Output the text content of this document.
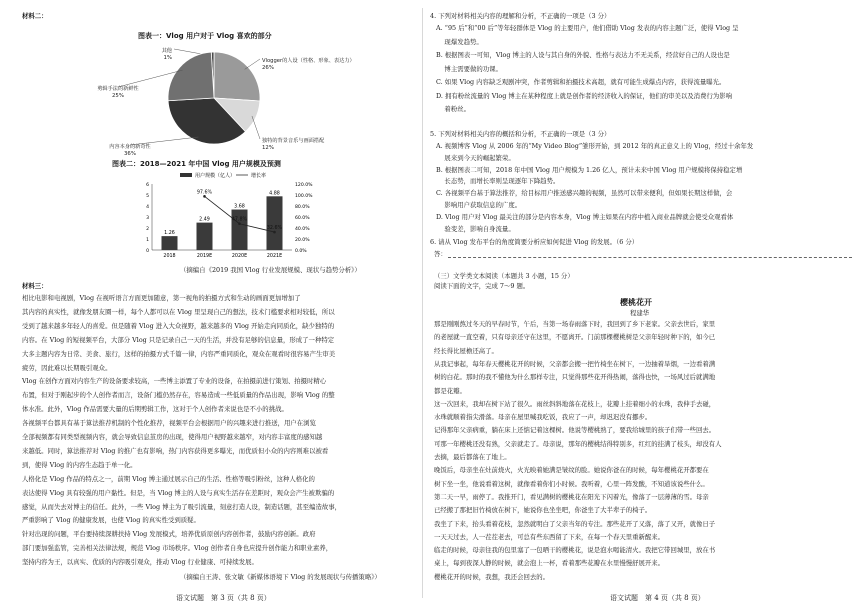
材料二：
图表一：Vlog 用户对于 Vlog 喜欢的部分
其他
1%	Vlogger的人设（性格、形象、表达力）
26%
独特的背景音乐与画面搭配
12%
内容本身的新奇性
36%
剪辑手法的新鲜性
25%
图表二：2018—2021 年中国 Vlog 用户规模及预测
用户规模（亿人）	增长率
6
5
4
3
2
1
0
120.0%
100.0%
80.0%
60.0%
40.0%
20.0%
0.0%
1.26
2018
2.49
2019E
3.68
2020E
4.88
2021E
97.6%
47.8%
32.6%
（摘编自《2019 我国 Vlog 行业发展规模、现状与趋势分析》）
材料三：
相比电影和电视剧，Vlog 在视听语言方面更加随意，第一视角的拍摄方式和生动的画面更加增加了
其内容的真实性，就像发朋友圈一样，每个人都可以在 Vlog 里呈现自己的想法，技术门槛要求相对较低，所以
受到了越来越多年轻人的喜爱。但是随着 Vlog 进入大众视野，越来越多的 Vlog 开始走向同质化，缺少独特的
内容。在 Vlog 的短视频平台，大部分 Vlog 只是记录自己一天的生活，并没有足够的信息量，形成了一种特定
大多主题内容为日常、美食、旅行，这样的拍摄方式千篇一律，内容严重同质化，观众在观看时很容易产生审美
疲劳，因此难以长期吸引观众。
Vlog 在创作方面对内容生产的设备要求较高，一些博主添置了专业的设备，在拍摄前进行策划、拍摄时精心
布置，但对于刚起步的个人创作者而言，设备门槛仍然存在，容易造成一些低质量的作品出现，影响 Vlog 的整
体水准。此外，Vlog 作品需要大量的后期剪辑工作，这对于个人创作者来说也是不小的挑战。
各视频平台都具有基于算法推荐机制的个性化推荐，视频平台会根据用户的兴趣来进行推送，用户在浏览
全部视频都有同类型视频内容，就会导致信息茧房的出现，使得用户视野越来越窄，对内容丰富度的感知越
来越低。同时，算法推荐对 Vlog 的推广也有影响，热门内容获得更多曝光，而优质但小众的内容则难以被看
到，使得 Vlog 的内容生态趋于单一化。
人格化是 Vlog 作品的特点之一，前期 Vlog 博主通过展示自己的生活、性格等吸引粉丝，这种人格化的
表达使得 Vlog 具有较强的用户黏性。但是，当 Vlog 博主的人设与真实生活存在差距时，观众会产生被欺骗的
感觉，从而失去对博主的信任。此外，一些 Vlog 博主为了吸引流量，刻意打造人设，制造话题，甚至编造故事，
严重影响了 Vlog 的健康发展，也使 Vlog 的真实性受到质疑。
针对出现的问题，平台要持续深耕扶持 Vlog 发展模式，培养优质原创内容创作者，鼓励内容创新。政府
部门要加强监管，完善相关法律法规，规范 Vlog 市场秩序。Vlog 创作者自身也应提升创作能力和职业素养，
坚持内容为王，以真实、优质的内容吸引观众，推动 Vlog 行业健康、可持续发展。
（摘编自王涛、张文敏《新媒体语境下 Vlog 的发展现状与传播策略》）
语文试题　第 3 页（共 8 页）
4. 下列对材料相关内容的理解和分析，不正确的一项是（3 分）
A. “95 后”和“00 后”等年轻群体是 Vlog 的主要用户，他们借助 Vlog 发表的内容主题广泛，使得 Vlog 呈
　 现爆发趋势。
B. 根据图表一可知，Vlog 博主的人设与其自身的外貌、性格与表达力不无关系，经营好自己的人设也是
　 博主需要做的功课。
C. 如果 Vlog 内容缺乏观剧冲突，作者剪辑和拍摄技术高超，就有可能生成爆点内容，获得流量曝光。
D. 拥有粉丝流量的 Vlog 博主在某种程度上就是创作者的经济收入的保证，他们的审美以及消费行为影响
　 着粉丝。
5. 下列对材料相关内容的概括和分析，不正确的一项是（3 分）
A. 视频博客 Vlog 从 2006 年的“My Video Blog”雏形开始，到 2012 年的真正意义上的 Vlog，经过十余年发
　 展来到今天的崛起繁荣。
B. 根据图表二可知，2018 年中国 Vlog 用户规模为 1.26 亿人，预计未来中国 Vlog 用户规模将保持稳定增
　 长态势，而增长率则呈现逐年下降趋势。
C. 各视频平台基于算法推荐，给目标用户推送感兴趣的视频，虽然可以带来便利，但如果长期这样做，会
　 影响用户获取信息的广度。
D. Vlog 用户对 Vlog 最关注的部分是内容本身，Vlog 博主如果在内容中植入商业品牌就会使受众观看体
　 验变差，影响自身流量。
6. 请从 Vlog 发布平台的角度简要分析应如何促进 Vlog 的发展。（6 分）
答：
（三）文学类文本阅读（本题共 3 小题，15 分）
阅读下面的文字，完成 7～9 题。
樱桃花开
程建华
那是刚刚熬过冬天的早春时节，午后，当第一场春雨落下时，我回到了乡下老家。父亲去世后，家里
的老屋就一直空着，只有母亲还守在这里，不愿离开。门前那棵樱桃树是父亲年轻时种下的，如今已
经长得比屋檐还高了。
从我记事起，每年春天樱桃花开的时候，父亲都会搬一把竹椅坐在树下，一边抽着旱烟，一边看着满
树的白花。那时的我不懂他为什么那样专注，只觉得那些花开得热闹，落得也快，一场风过后就满地
都是花瓣。
这一次回来，我却在树下站了很久。雨丝斜斜地落在花枝上，花瓣上挂着细小的水珠，我伸手去碰，
水珠就顺着指尖滑落。母亲在屋里喊我吃饭，我应了一声，却迟迟没有挪步。
记得那年父亲病重，躺在床上还惦记着这棵树。他说等樱桃熟了，要我给城里的孩子们带一些回去。
可那一年樱桃还没有熟，父亲就走了。母亲说，那年的樱桃结得特别多，红红的挂满了枝头，却没有人
去摘，最后都落在了地上。
晚饭后，母亲坐在灶前烧火，火光映着她满是皱纹的脸。她说你爸在的时候，每年樱桃花开都要在
树下坐一坐，他说看着这树，就像看着你们小时候。我听着，心里一阵发酸，不知道该说些什么。
第二天一早，雨停了。我推开门，看见满树的樱桃花在阳光下闪着光，像落了一层薄薄的雪。母亲
已经搬了那把旧竹椅放在树下，她说你也坐坐吧，你爸坐了大半辈子的椅子。
我坐了下来，抬头看着花枝，忽然就明白了父亲当年的专注。那些花开了又落，落了又开，就像日子
一天天过去，人一茬茬老去，可总有些东西留了下来，在每一个春天里重新醒来。
临走的时候，母亲往我的包里塞了一包晒干的樱桃花，说是泡水喝能清火。我把它带回城里，放在书
桌上，每到夜深人静的时候，就会泡上一杯，看着那些花瓣在水里慢慢舒展开来。
樱桃花开的时候，我想，我还会回去的。
语文试题　第 4 页（共 8 页）
